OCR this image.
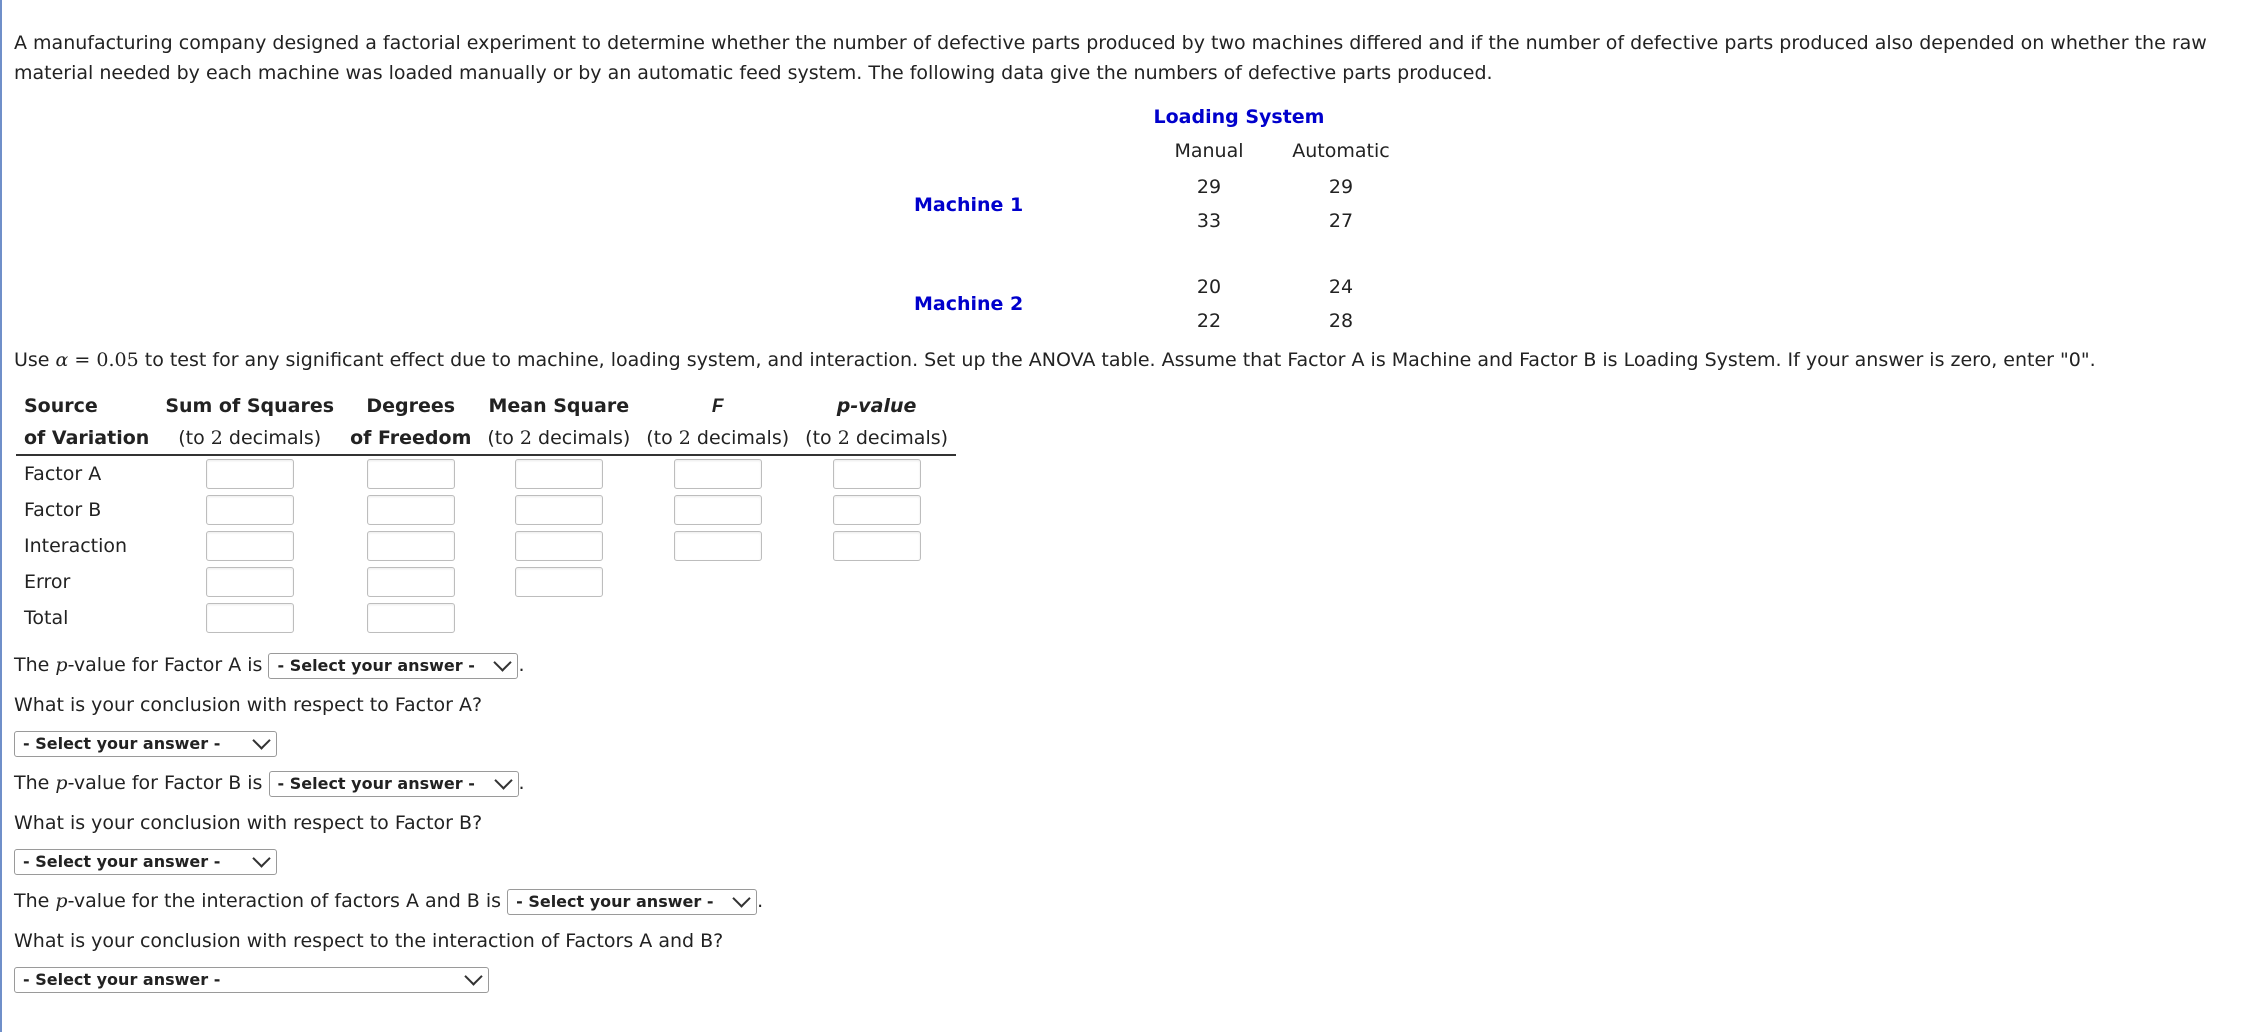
A manufacturing company designed a factorial experiment to determine whether the number of defective parts produced by two machines differed and if the number of defective parts produced also depended on whether the raw material needed by each machine was loaded manually or by an automatic feed system. The following data give the numbers of defective parts produced.

Loading System
Manual	Automatic
Machine 1
29	29
33	27
Machine 2
20	24
22	28
Use α = 0.05 to test for any significant effect due to machine, loading system, and interaction. Set up the ANOVA table. Assume that Factor A is Machine and Factor B is Loading System. If your answer is zero, enter "0".
Source	Sum of Squares	Degrees	Mean Square	F	p-value
of Variation	(to 2 decimals)	of Freedom	(to 2 decimals)	(to 2 decimals)	(to 2 decimals)
Factor A					
Factor B					
Interaction					
Error					
Total					
The p-value for Factor A is - Select your answer - .
What is your conclusion with respect to Factor A?
- Select your answer -
The p-value for Factor B is - Select your answer - .
What is your conclusion with respect to Factor B?
- Select your answer -
The p-value for the interaction of factors A and B is - Select your answer - .
What is your conclusion with respect to the interaction of Factors A and B?
- Select your answer -
